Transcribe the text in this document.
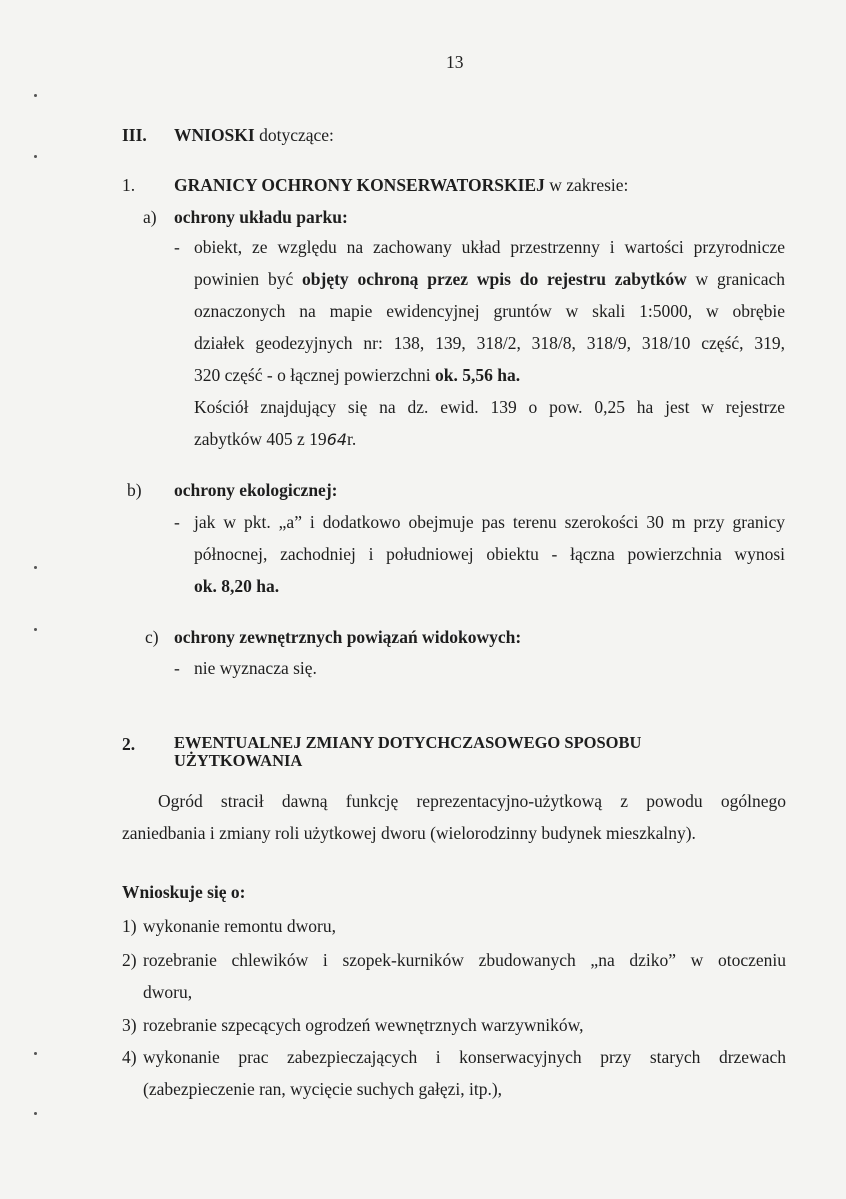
13
III. WNIOSKI dotyczące:
1. GRANICY OCHRONY KONSERWATORSKIEJ w zakresie:
a) ochrony układu parku:
- obiekt, ze względu na zachowany układ przestrzenny i wartości przyrodnicze
powinien być objęty ochroną przez wpis do rejestru zabytków w granicach
oznaczonych na mapie ewidencyjnej gruntów w skali 1:5000, w obrębie
działek geodezyjnych nr: 138, 139, 318/2, 318/8, 318/9, 318/10 część, 319,
320 część - o łącznej powierzchni ok. 5,56 ha.
Kościół znajdujący się na dz. ewid. 139 o pow. 0,25 ha jest w rejestrze
zabytków 405 z 1964r.
b) ochrony ekologicznej:
- jak w pkt. „a” i dodatkowo obejmuje pas terenu szerokości 30 m przy granicy
północnej, zachodniej i południowej obiektu - łączna powierzchnia wynosi
ok. 8,20 ha.
c) ochrony zewnętrznych powiązań widokowych:
- nie wyznacza się.
2. EWENTUALNEJ ZMIANY DOTYCHCZASOWEGO SPOSOBU
UŻYTKOWANIA
Ogród stracił dawną funkcję reprezentacyjno-użytkową z powodu ogólnego
zaniedbania i zmiany roli użytkowej dworu (wielorodzinny budynek mieszkalny).
Wnioskuje się o:
1) wykonanie remontu dworu,
2) rozebranie chlewików i szopek-kurników zbudowanych „na dziko” w otoczeniu
dworu,
3) rozebranie szpecących ogrodzeń wewnętrznych warzywników,
4) wykonanie prac zabezpieczających i konserwacyjnych przy starych drzewach
(zabezpieczenie ran, wycięcie suchych gałęzi, itp.),
